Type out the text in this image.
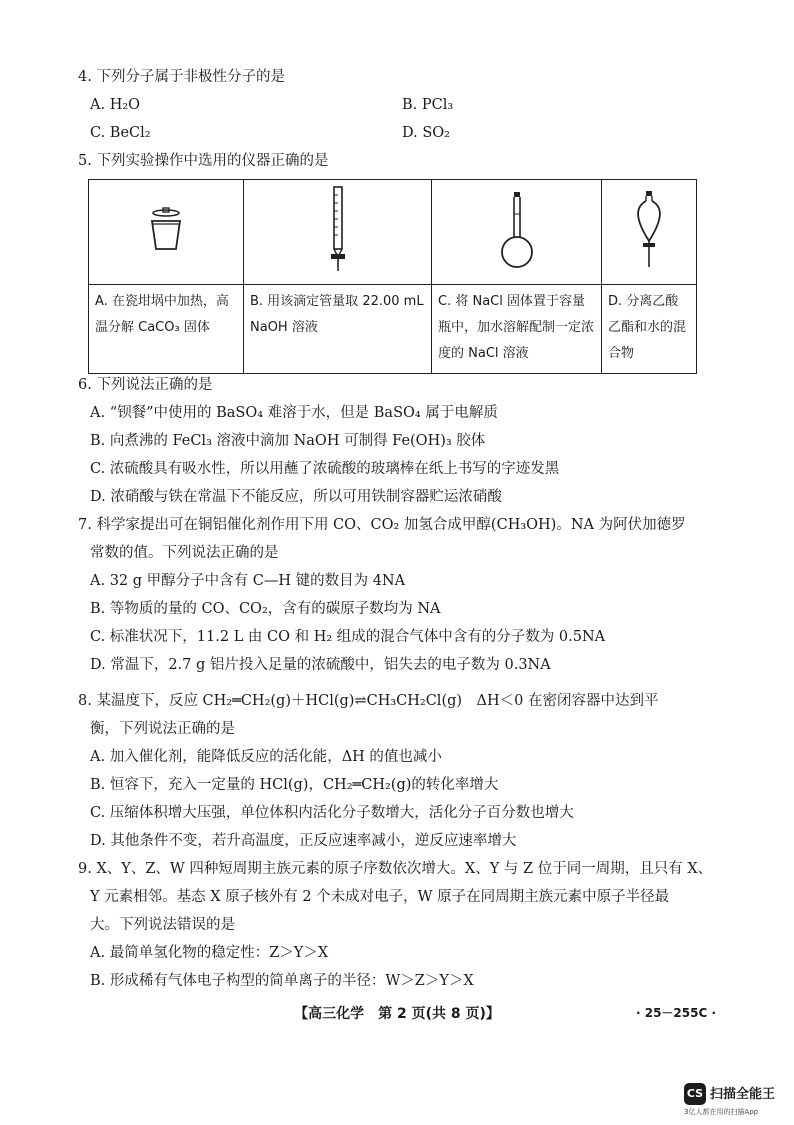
4. 下列分子属于非极性分子的是
A. H₂O	B. PCl₃
C. BeCl₂	D. SO₂
5. 下列实验操作中选用的仪器正确的是

A. 在瓷坩埚中加热，高温分解 CaCO₃ 固体	B. 用该滴定管量取 22.00 mL NaOH 溶液	C. 将 NaCl 固体置于容量瓶中，加水溶解配制一定浓度的 NaCl 溶液	D. 分离乙酸乙酯和水的混合物
6. 下列说法正确的是
A. “钡餐”中使用的 BaSO₄ 难溶于水，但是 BaSO₄ 属于电解质
B. 向煮沸的 FeCl₃ 溶液中滴加 NaOH 可制得 Fe(OH)₃ 胶体
C. 浓硫酸具有吸水性，所以用蘸了浓硫酸的玻璃棒在纸上书写的字迹发黑
D. 浓硝酸与铁在常温下不能反应，所以可用铁制容器贮运浓硝酸
7. 科学家提出可在铜铝催化剂作用下用 CO、CO₂ 加氢合成甲醇(CH₃OH)。NA 为阿伏加德罗
常数的值。下列说法正确的是
A. 32 g 甲醇分子中含有 C—H 键的数目为 4NA
B. 等物质的量的 CO、CO₂，含有的碳原子数均为 NA
C. 标准状况下，11.2 L 由 CO 和 H₂ 组成的混合气体中含有的分子数为 0.5NA
D. 常温下，2.7 g 铝片投入足量的浓硫酸中，铝失去的电子数为 0.3NA
8. 某温度下，反应 CH₂═CH₂(g)＋HCl(g)⇌CH₃CH₂Cl(g)　ΔH＜0 在密闭容器中达到平
衡，下列说法正确的是
A. 加入催化剂，能降低反应的活化能，ΔH 的值也减小
B. 恒容下，充入一定量的 HCl(g)，CH₂═CH₂(g)的转化率增大
C. 压缩体积增大压强，单位体积内活化分子数增大，活化分子百分数也增大
D. 其他条件不变，若升高温度，正反应速率减小，逆反应速率增大
9. X、Y、Z、W 四种短周期主族元素的原子序数依次增大。X、Y 与 Z 位于同一周期，且只有 X、
Y 元素相邻。基态 X 原子核外有 2 个未成对电子，W 原子在同周期主族元素中原子半径最
大。下列说法错误的是
A. 最简单氢化物的稳定性：Z＞Y＞X
B. 形成稀有气体电子构型的简单离子的半径：W＞Z＞Y＞X
【高三化学　第 2 页(共 8 页)】	· 25－255C ·
CS 扫描全能王
3亿人都在用的扫描App
